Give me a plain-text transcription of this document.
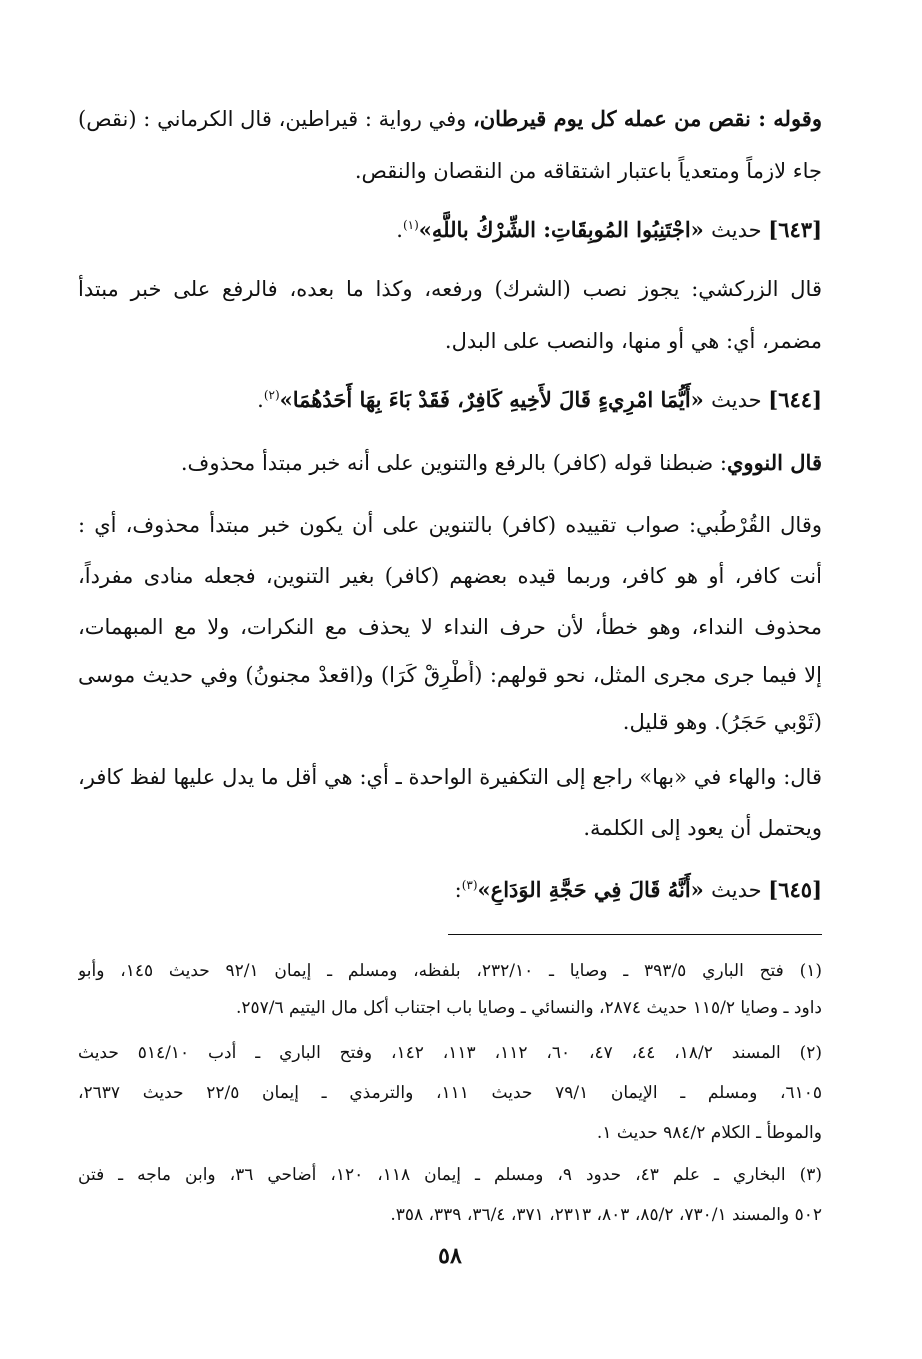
وقوله : نقص من عمله كل يوم قيرطان، وفي رواية : قيراطين، قال الكرماني : (نقص)
جاء لازماً ومتعدياً باعتبار اشتقاقه من النقصان والنقص.
[٦٤٣] حديث «اجْتَنِبُوا المُوبِقَاتِ: الشِّرْكُ باللَّهِ»$^{(١)}$.
قال الزركشي: يجوز نصب (الشرك) ورفعه، وكذا ما بعده، فالرفع على خبر مبتدأ
مضمر، أي: هي أو منها، والنصب على البدل.
[٦٤٤] حديث «أَيُّمَا امْرِيءٍ قَالَ لأَخِيهِ كَافِرٌ، فَقَدْ بَاءَ بِهَا أَحَدُهُمَا»$^{(٢)}$.
قال النووي: ضبطنا قوله (كافر) بالرفع والتنوين على أنه خبر مبتدأ محذوف.
وقال القُرْطُبي: صواب تقييده (كافر) بالتنوين على أن يكون خبر مبتدأ محذوف، أي :
أنت كافر، أو هو كافر، وربما قيده بعضهم (كافر) بغير التنوين، فجعله منادى مفرداً،
محذوف النداء، وهو خطأ، لأن حرف النداء لا يحذف مع النكرات، ولا مع المبهمات،
إلا فيما جرى مجرى المثل، نحو قولهم: (أَطْرِقْ كَرَا) و(اقعدْ مجنونُ) وفي حديث موسى
(ثَوْبي حَجَرُ). وهو قليل.
قال: والهاء في «بها» راجع إلى التكفيرة الواحدة ـ أي: هي أقل ما يدل عليها لفظ كافر،
ويحتمل أن يعود إلى الكلمة.
[٦٤٥] حديث «أَنَّهُ قَالَ فِي حَجَّةِ الوَدَاعِ»$^{(٣)}$:
(١) فتح الباري ٣٩٣/٥ ـ وصايا ـ ٢٣٢/١٠، بلفظه، ومسلم ـ إيمان ٩٢/١ حديث ١٤٥، وأبو
داود ـ وصايا ١١٥/٢ حديث ٢٨٧٤، والنسائي ـ وصايا باب اجتناب أكل مال اليتيم ٢٥٧/٦.
(٢) المسند ١٨/٢، ٤٤، ٤٧، ٦٠، ١١٢، ١١٣، ١٤٢، وفتح الباري ـ أدب ٥١٤/١٠ حديث
٦١٠٥، ومسلم ـ الإيمان ٧٩/١ حديث ١١١، والترمذي ـ إيمان ٢٢/٥ حديث ٢٦٣٧،
والموطأ ـ الكلام ٩٨٤/٢ حديث ١.
(٣) البخاري ـ علم ٤٣، حدود ٩، ومسلم ـ إيمان ١١٨، ١٢٠، أضاحي ٣٦، وابن ماجه ـ فتن
٥٠٢ والمسند ٧٣٠/١، ٨٥/٢، ٨٠٣، ٢٣١٣، ٣٧١، ٣٦/٤، ٣٣٩، ٣٥٨.
٥٨
